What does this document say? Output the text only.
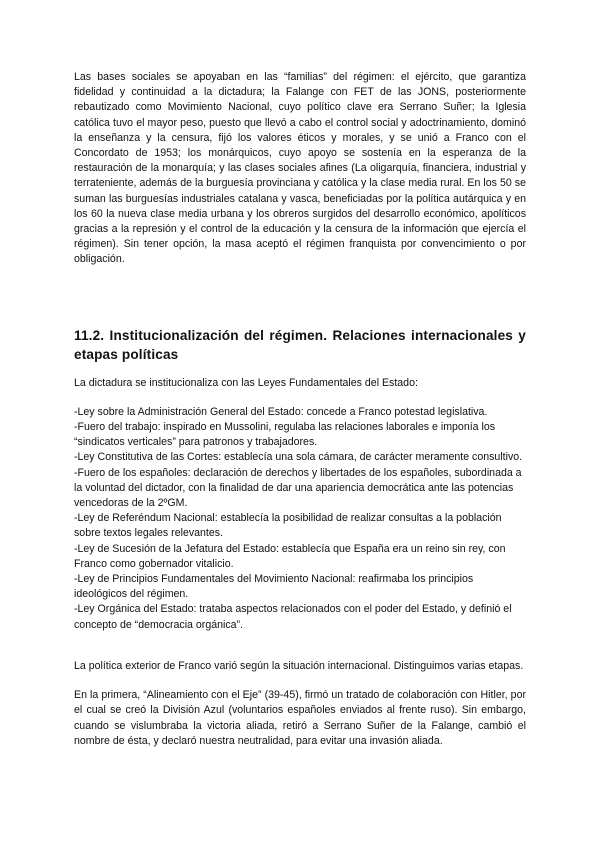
Las bases sociales se apoyaban en las “familias” del régimen: el ejército, que garantiza fidelidad y continuidad a la dictadura; la Falange con FET de las JONS, posteriormente rebautizado como Movimiento Nacional, cuyo político clave era Serrano Suñer; la Iglesia católica tuvo el mayor peso, puesto que llevó a cabo el control social y adoctrinamiento, dominó la enseñanza y la censura, fijó los valores éticos y morales, y se unió a Franco con el Concordato de 1953; los monárquicos, cuyo apoyo se sostenía en la esperanza de la restauración de la monarquía; y las clases sociales afines (La oligarquía, financiera, industrial y terrateniente, además de la burguesía provinciana y católica y la clase media rural. En los 50 se suman las burguesías industriales catalana y vasca, beneficiadas por la política autárquica y en los 60 la nueva clase media urbana y los obreros surgidos del desarrollo económico, apolíticos gracias a la represión y el control de la educación y la censura de la información que ejercía el régimen). Sin tener opción, la masa aceptó el régimen franquista por convencimiento o por obligación.

11.2. Institucionalización del régimen. Relaciones internacionales y etapas políticas

La dictadura se institucionaliza con las Leyes Fundamentales del Estado:

-Ley sobre la Administración General del Estado: concede a Franco potestad legislativa.
-Fuero del trabajo: inspirado en Mussolini, regulaba las relaciones laborales e imponía los “sindicatos verticales” para patronos y trabajadores.
-Ley Constitutiva de las Cortes: establecía una sola cámara, de carácter meramente consultivo.
-Fuero de los españoles: declaración de derechos y libertades de los españoles, subordinada a la voluntad del dictador, con la finalidad de dar una apariencia democrática ante las potencias vencedoras de la 2ºGM.
-Ley de Referéndum Nacional: establecía la posibilidad de realizar consultas a la población sobre textos legales relevantes.
-Ley de Sucesión de la Jefatura del Estado: establecía que España era un reino sin rey, con Franco como gobernador vitalicio.
-Ley de Principios Fundamentales del Movimiento Nacional: reafirmaba los principios ideológicos del régimen.
-Ley Orgánica del Estado: trataba aspectos relacionados con el poder del Estado, y definió el concepto de “democracia orgánica”.

La política exterior de Franco varió según la situación internacional. Distinguimos varias etapas.

En la primera, “Alineamiento con el Eje” (39-45), firmó un tratado de colaboración con Hitler, por el cual se creó la División Azul (voluntarios españoles enviados al frente ruso). Sin embargo, cuando se vislumbraba la victoria aliada, retiró a Serrano Suñer de la Falange, cambió el nombre de ésta, y declaró nuestra neutralidad, para evitar una invasión aliada.
